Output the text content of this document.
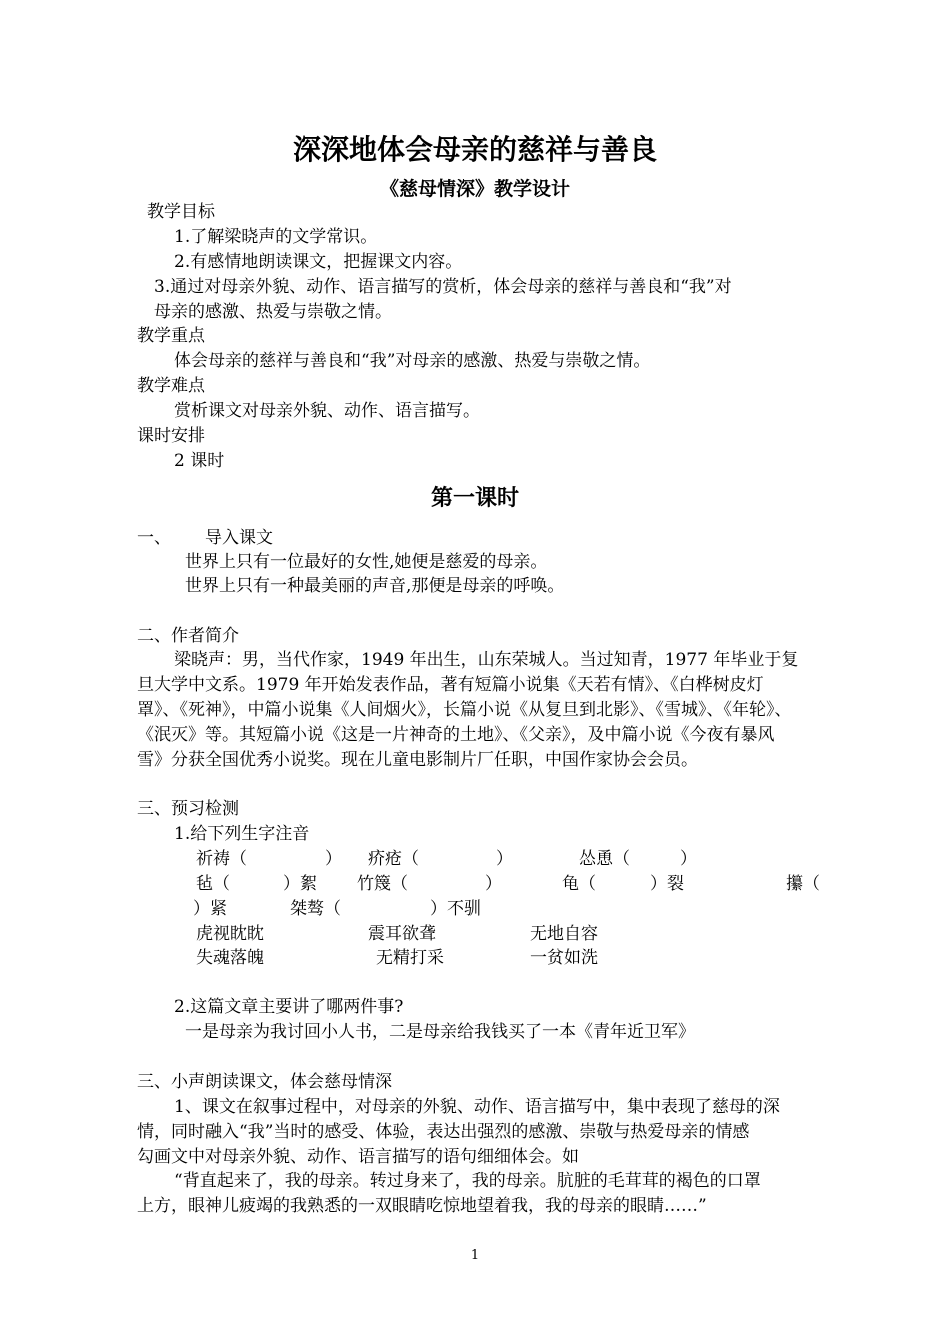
深深地体会母亲的慈祥与善良
《慈母情深》教学设计
教学目标
1.了解梁晓声的文学常识。
2.有感情地朗读课文，把握课文内容。
3.通过对母亲外貌、动作、语言描写的赏析，体会母亲的慈祥与善良和“我”对
母亲的感激、热爱与崇敬之情。
教学重点
体会母亲的慈祥与善良和“我”对母亲的感激、热爱与崇敬之情。
教学难点
赏析课文对母亲外貌、动作、语言描写。
课时安排
2 课时
第一课时
一、 导入课文
世界上只有一位最好的女性,她便是慈爱的母亲。
世界上只有一种最美丽的声音,那便是母亲的呼唤。
二、作者简介
梁晓声：男，当代作家，1949 年出生，山东荣城人。当过知青，1977 年毕业于复
旦大学中文系。1979 年开始发表作品，著有短篇小说集《天若有情》、《白桦树皮灯
罩》、《死神》，中篇小说集《人间烟火》，长篇小说《从复旦到北影》、《雪城》、《年轮》、
《泯灭》等。其短篇小说《这是一片神奇的土地》、《父亲》，及中篇小说《今夜有暴风
雪》分获全国优秀小说奖。现在儿童电影制片厂任职，中国作家协会会员。
三、预习检测
1.给下列生字注音
祈祷（	） 疥疮（	）	怂恿（	）
毡（	）絮 竹篾（	）	龟（	）裂	攥（
）紧	桀骜（	）不驯
虎视眈眈	震耳欲聋	无地自容
失魂落魄	无精打采	一贫如洗
2.这篇文章主要讲了哪两件事?
一是母亲为我讨回小人书，二是母亲给我钱买了一本《青年近卫军》
三、小声朗读课文，体会慈母情深
1、课文在叙事过程中，对母亲的外貌、动作、语言描写中，集中表现了慈母的深
情，同时融入“我”当时的感受、体验，表达出强烈的感激、崇敬与热爱母亲的情感
勾画文中对母亲外貌、动作、语言描写的语句细细体会。如
“背直起来了，我的母亲。转过身来了，我的母亲。肮脏的毛茸茸的褐色的口罩
上方，眼神儿疲竭的我熟悉的一双眼睛吃惊地望着我，我的母亲的眼睛……”
1
